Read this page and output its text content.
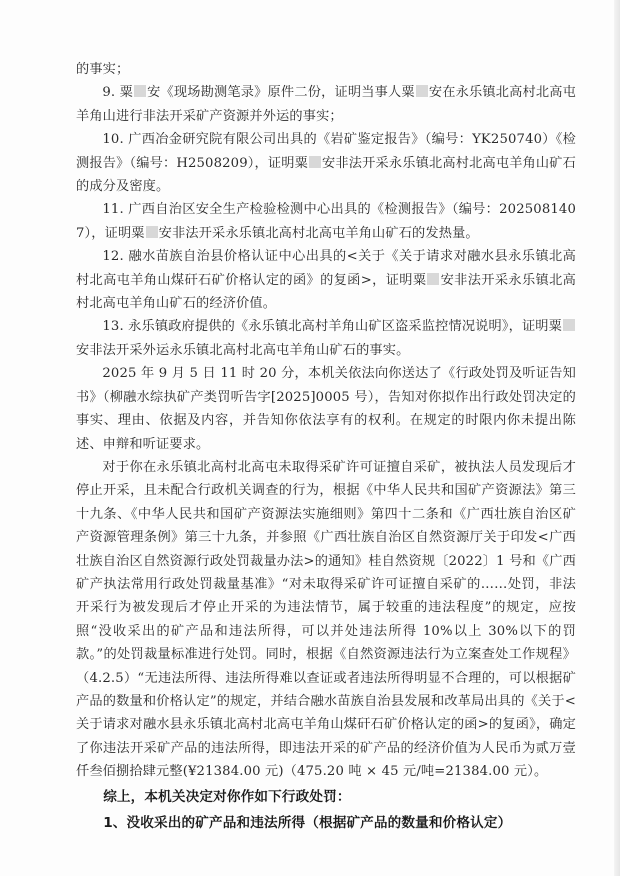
的事实；

9. 粟 安《现场勘测笔录》原件二份，证明当事人粟 安在永乐镇北高村北高屯羊角山进行非法开采矿产资源并外运的事实；

10. 广西冶金研究院有限公司出具的《岩矿鉴定报告》（编号：YK250740）《检测报告》（编号：H2508209），证明粟 安非法开采永乐镇北高村北高屯羊角山矿石的成分及密度。

11. 广西自治区安全生产检验检测中心出具的《检测报告》（编号：2025081407），证明粟 安非法开采永乐镇北高村北高屯羊角山矿石的发热量。

12. 融水苗族自治县价格认证中心出具的<关于《关于请求对融水县永乐镇北高村北高屯羊角山煤矸石矿价格认定的函》的复函>，证明粟 安非法开采永乐镇北高村北高屯羊角山矿石的经济价值。

13. 永乐镇政府提供的《永乐镇北高村羊角山矿区盗采监控情况说明》，证明粟安非法开采外运永乐镇北高村北高屯羊角山矿石的事实。

2025 年 9 月 5 日 11 时 20 分，本机关依法向你送达了《行政处罚及听证告知书》（柳融水综执矿产类罚听告字[2025]0005 号），告知对你拟作出行政处罚决定的事实、理由、依据及内容，并告知你依法享有的权利。在规定的时限内你未提出陈述、申辩和听证要求。

对于你在永乐镇北高村北高屯未取得采矿许可证擅自采矿，被执法人员发现后才停止开采，且未配合行政机关调查的行为，根据《中华人民共和国矿产资源法》第三十九条、《中华人民共和国矿产资源法实施细则》第四十二条和《广西壮族自治区矿产资源管理条例》第三十九条，并参照《广西壮族自治区自然资源厅关于印发<广西壮族自治区自然资源行政处罚裁量办法>的通知》桂自然资规〔2022〕1 号和《广西矿产执法常用行政处罚裁量基准》“对未取得采矿许可证擅自采矿的……处罚，非法开采行为被发现后才停止开采的为违法情节，属于较重的违法程度”的规定，应按照“没收采出的矿产品和违法所得，可以并处违法所得 10%以上 30%以下的罚款。”的处罚裁量标准进行处罚。同时，根据《自然资源违法行为立案查处工作规程》（4.2.5）“无违法所得、违法所得难以查证或者违法所得明显不合理的，可以根据矿产品的数量和价格认定”的规定，并结合融水苗族自治县发展和改革局出具的《关于<关于请求对融水县永乐镇北高村北高屯羊角山煤矸石矿价格认定的函>的复函》，确定了你违法开采矿产品的违法所得，即违法开采的矿产品的经济价值为人民币为贰万壹仟叁佰捌拾肆元整(¥21384.00 元)（475.20 吨 × 45 元/吨=21384.00 元）。

综上，本机关决定对你作如下行政处罚：

1、没收采出的矿产品和违法所得（根据矿产品的数量和价格认定）
